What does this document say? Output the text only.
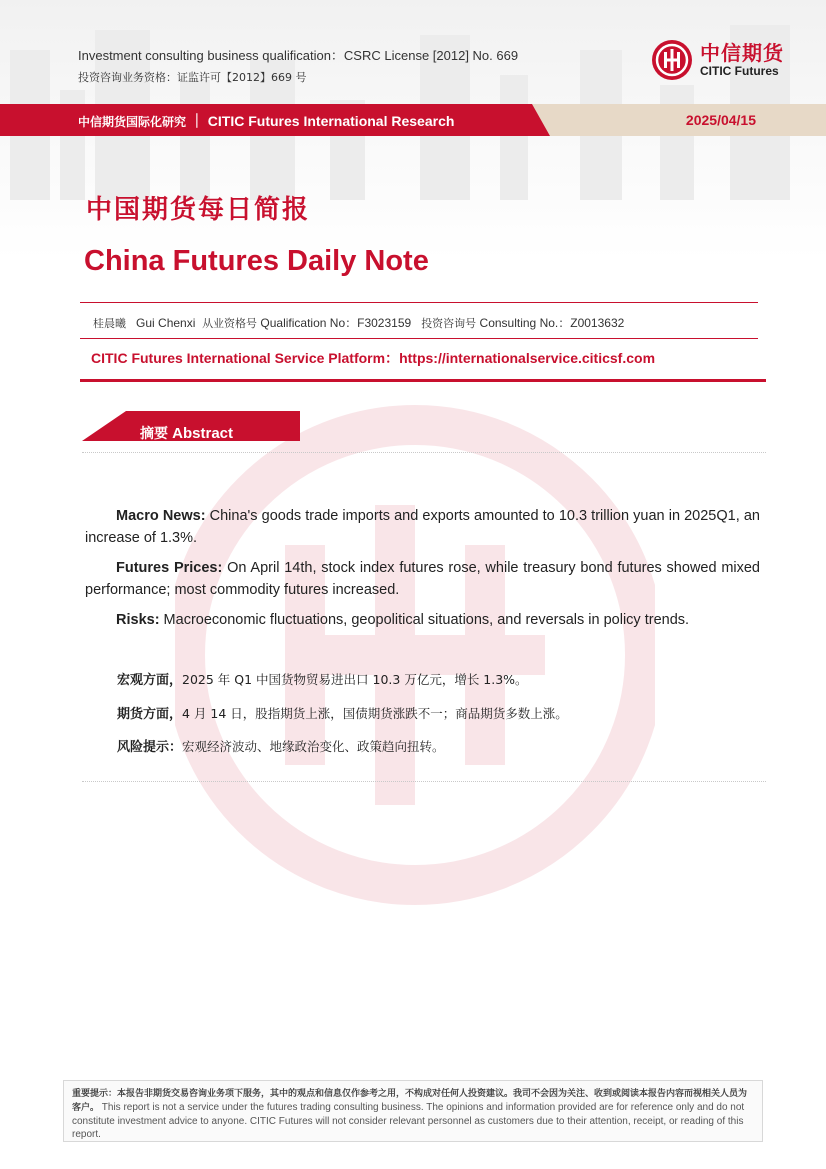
Investment consulting business qualification：CSRC License [2012] No. 669
投资咨询业务资格：证监许可【2012】669 号
中信期货
CITIC Futures
中信期货国际化研究 ｜ CITIC Futures International Research	2025/04/15
中国期货每日简报
China Futures Daily Note
桂晨曦 Gui Chenxi 从业资格号 Qualification No：F3023159 投资咨询号 Consulting No.：Z0013632
CITIC Futures International Service Platform：https://internationalservice.citicsf.com
摘要 Abstract
Macro News: China's goods trade imports and exports amounted to 10.3 trillion yuan in 2025Q1, an increase of 1.3%.
Futures Prices: On April 14th, stock index futures rose, while treasury bond futures showed mixed performance; most commodity futures increased.
Risks: Macroeconomic fluctuations, geopolitical situations, and reversals in policy trends.
宏观方面，2025 年 Q1 中国货物贸易进出口 10.3 万亿元，增长 1.3%。
期货方面，4 月 14 日，股指期货上涨，国债期货涨跌不一；商品期货多数上涨。
风险提示：宏观经济波动、地缘政治变化、政策趋向扭转。
重要提示：本报告非期货交易咨询业务项下服务，其中的观点和信息仅作参考之用，不构成对任何人投资建议。我司不会因为关注、收到或阅读本报告内容而视相关人员为客户。 This report is not a service under the futures trading consulting business. The opinions and information provided are for reference only and do not constitute investment advice to anyone. CITIC Futures will not consider relevant personnel as customers due to their attention, receipt, or reading of this report.
